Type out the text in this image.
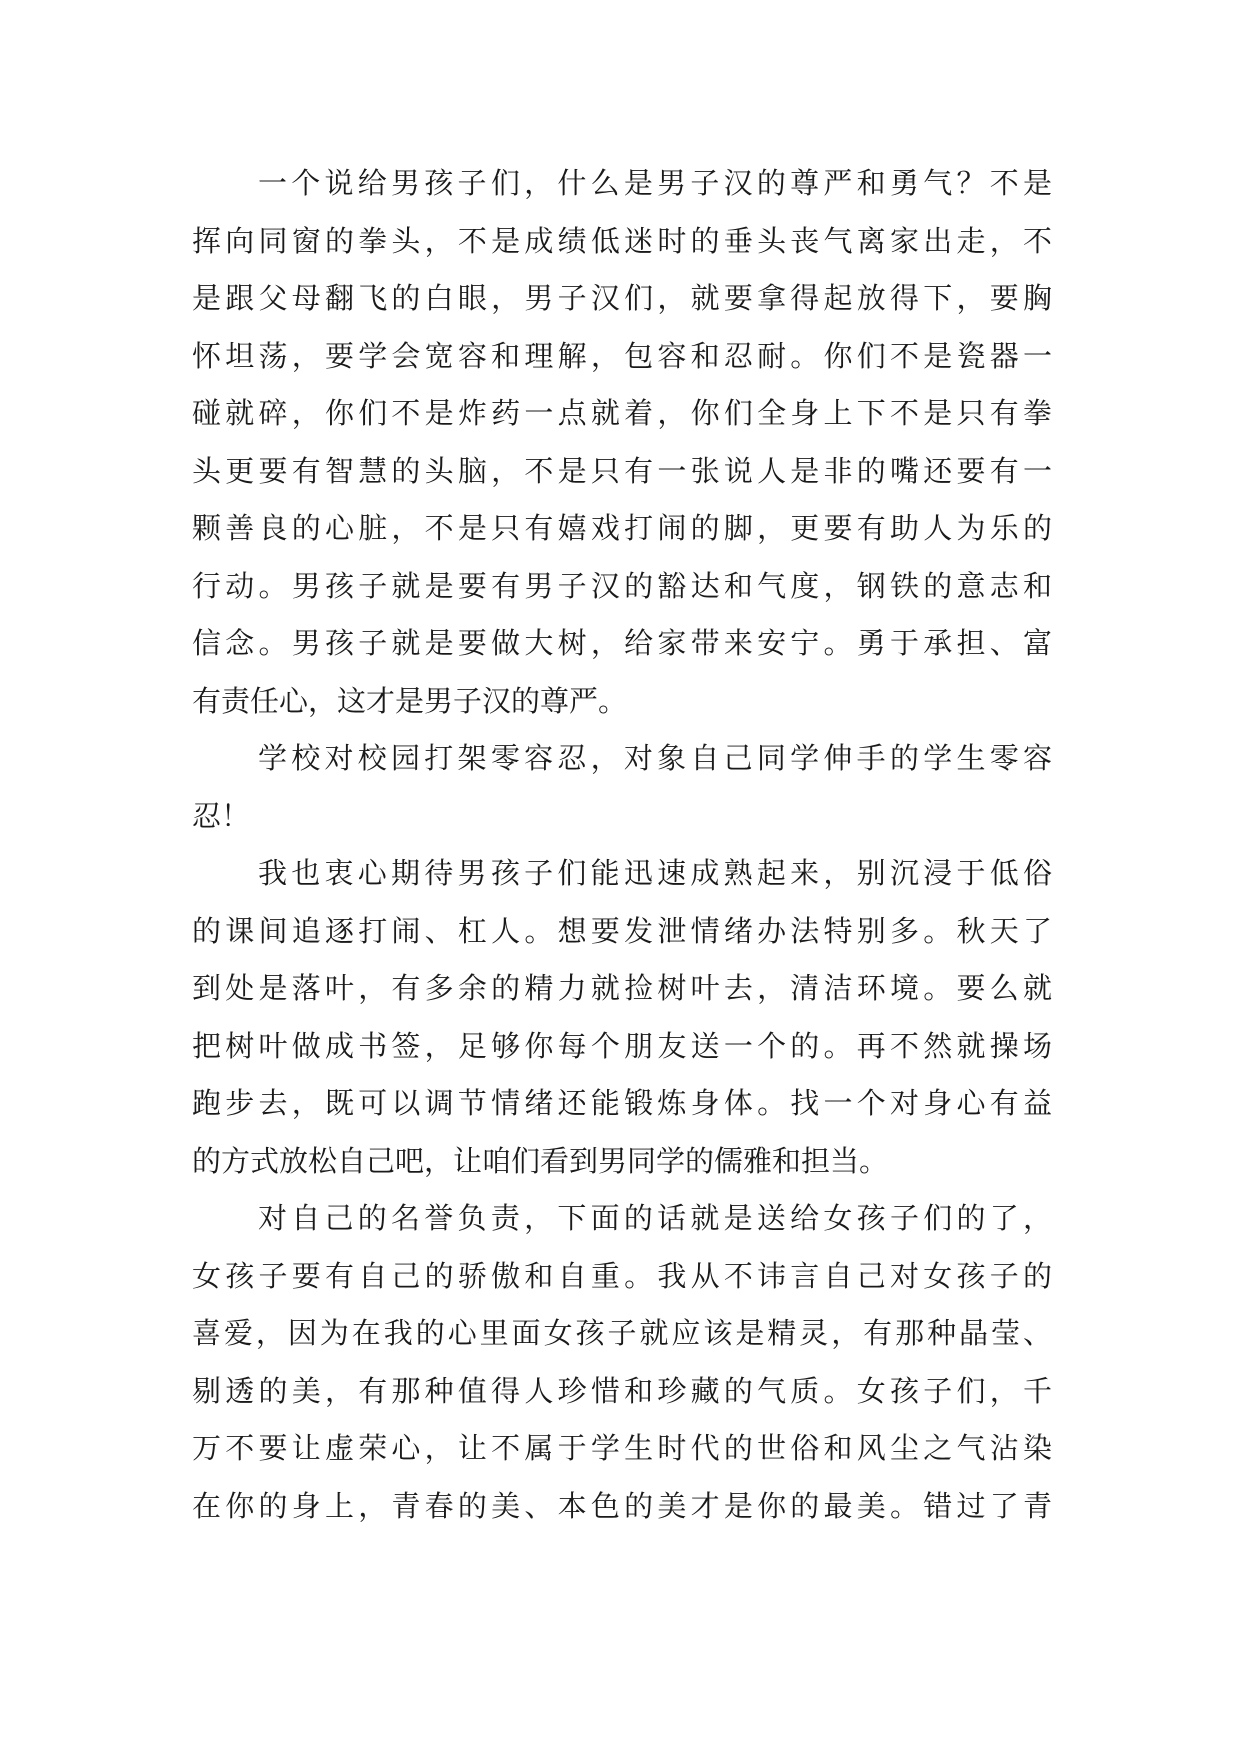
一个说给男孩子们，什么是男子汉的尊严和勇气？不是
挥向同窗的拳头，不是成绩低迷时的垂头丧气离家出走，不
是跟父母翻飞的白眼，男子汉们，就要拿得起放得下，要胸
怀坦荡，要学会宽容和理解，包容和忍耐。你们不是瓷器一
碰就碎，你们不是炸药一点就着，你们全身上下不是只有拳
头更要有智慧的头脑，不是只有一张说人是非的嘴还要有一
颗善良的心脏，不是只有嬉戏打闹的脚，更要有助人为乐的
行动。男孩子就是要有男子汉的豁达和气度，钢铁的意志和
信念。男孩子就是要做大树，给家带来安宁。勇于承担、富
有责任心，这才是男子汉的尊严。
学校对校园打架零容忍，对象自己同学伸手的学生零容
忍！
我也衷心期待男孩子们能迅速成熟起来，别沉浸于低俗
的课间追逐打闹、杠人。想要发泄情绪办法特别多。秋天了
到处是落叶，有多余的精力就捡树叶去，清洁环境。要么就
把树叶做成书签，足够你每个朋友送一个的。再不然就操场
跑步去，既可以调节情绪还能锻炼身体。找一个对身心有益
的方式放松自己吧，让咱们看到男同学的儒雅和担当。
对自己的名誉负责，下面的话就是送给女孩子们的了，
女孩子要有自己的骄傲和自重。我从不讳言自己对女孩子的
喜爱，因为在我的心里面女孩子就应该是精灵，有那种晶莹、
剔透的美，有那种值得人珍惜和珍藏的气质。女孩子们，千
万不要让虚荣心，让不属于学生时代的世俗和风尘之气沾染
在你的身上，青春的美、本色的美才是你的最美。错过了青
